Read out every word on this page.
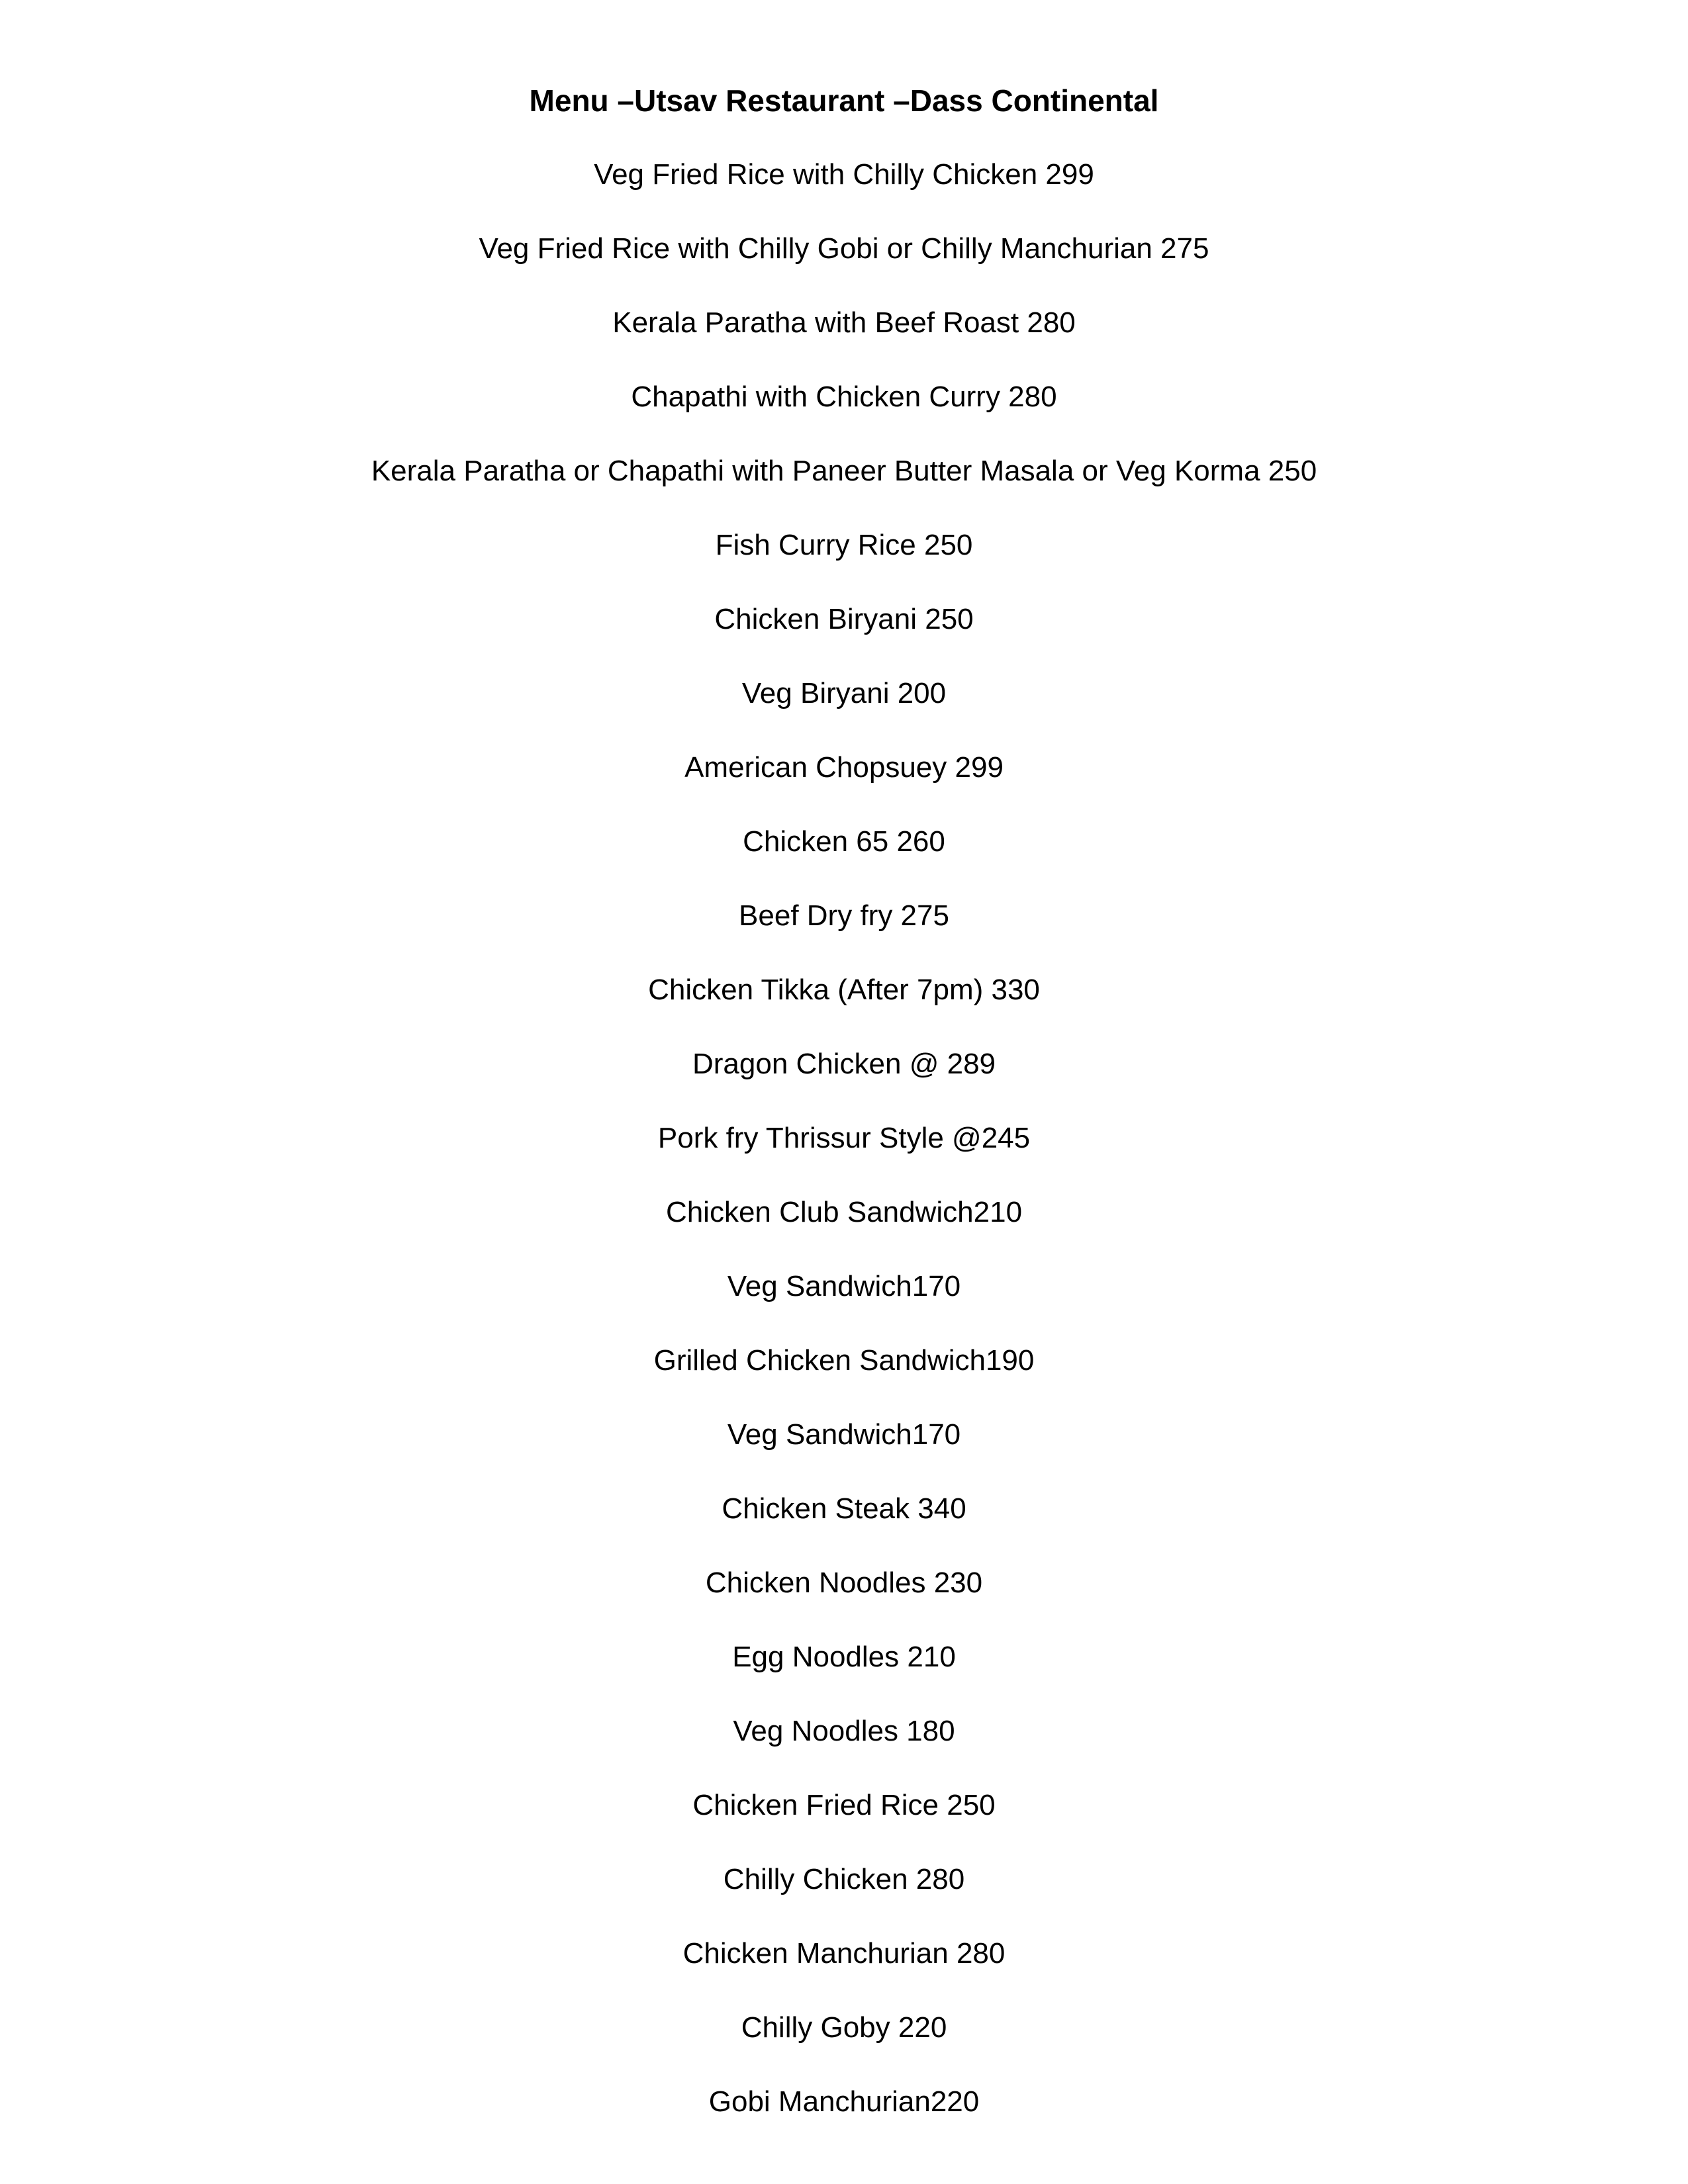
Menu –Utsav Restaurant –Dass Continental
Veg Fried Rice with Chilly Chicken 299
Veg Fried Rice with Chilly Gobi or Chilly Manchurian 275
Kerala Paratha with Beef Roast 280
Chapathi with Chicken Curry 280
Kerala Paratha or Chapathi with Paneer Butter Masala or Veg Korma 250
Fish Curry Rice 250
Chicken Biryani 250
Veg Biryani 200
American Chopsuey 299
Chicken 65 260
Beef Dry fry 275
Chicken Tikka (After 7pm) 330
Dragon Chicken @ 289
Pork fry Thrissur Style @245
Chicken Club Sandwich210
Veg Sandwich170
Grilled Chicken Sandwich190
Veg Sandwich170
Chicken Steak 340
Chicken Noodles 230
Egg Noodles 210
Veg Noodles 180
Chicken Fried Rice 250
Chilly Chicken 280
Chicken Manchurian 280
Chilly Goby 220
Gobi Manchurian220
